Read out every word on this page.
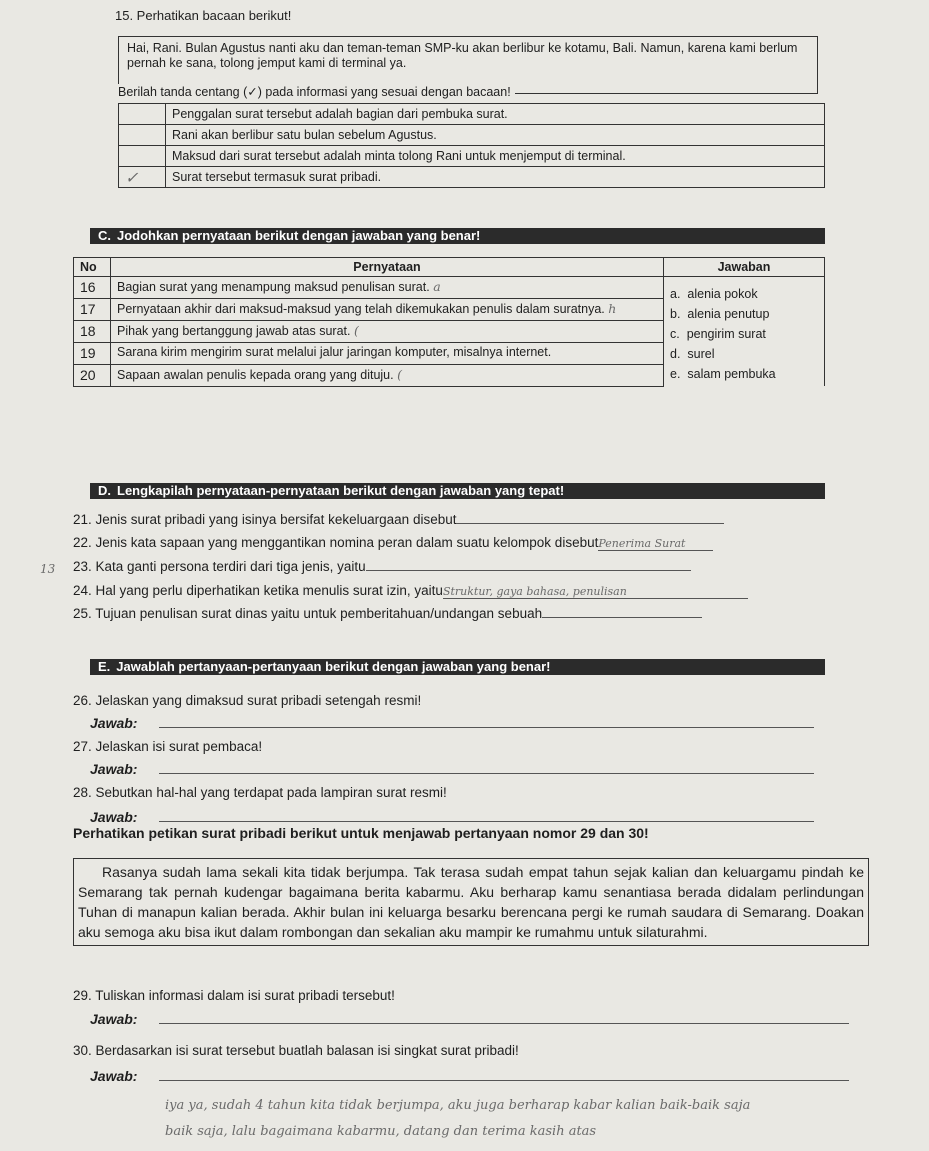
15. Perhatikan bacaan berikut!
Hai, Rani. Bulan Agustus nanti aku dan teman-teman SMP-ku akan berlibur ke kotamu, Bali. Namun, karena kami berlum pernah ke sana, tolong jemput kami di terminal ya.
Berilah tanda centang (✓) pada informasi yang sesuai dengan bacaan!
	Penggalan surat tersebut adalah bagian dari pembuka surat.
	Rani akan berlibur satu bulan sebelum Agustus.
	Maksud dari surat tersebut adalah minta tolong Rani untuk menjemput di terminal.
✓	Surat tersebut termasuk surat pribadi.
C. Jodohkan pernyataan berikut dengan jawaban yang benar!
No	Pernyataan	Jawaban
16	Bagian surat yang menampung maksud penulisan surat. a	a. alenia pokok
b. alenia penutup
c. pengirim surat
d. surel
e. salam pembuka

17	Pernyataan akhir dari maksud-maksud yang telah dikemukakan penulis dalam suratnya. h	
18	Pihak yang bertanggung jawab atas surat. (	
19	Sarana kirim mengirim surat melalui jalur jaringan komputer, misalnya internet.	
20	Sapaan awalan penulis kepada orang yang dituju. (	
D. Lengkapilah pernyataan-pernyataan berikut dengan jawaban yang tepat!
13
21. Jenis surat pribadi yang isinya bersifat kekeluargaan disebut
22. Jenis kata sapaan yang menggantikan nomina peran dalam suatu kelompok disebutPenerima Surat
23. Kata ganti persona terdiri dari tiga jenis, yaitu
24. Hal yang perlu diperhatikan ketika menulis surat izin, yaituStruktur, gaya bahasa, penulisan
25. Tujuan penulisan surat dinas yaitu untuk pemberitahuan/undangan sebuah
E. Jawablah pertanyaan-pertanyaan berikut dengan jawaban yang benar!
26. Jelaskan yang dimaksud surat pribadi setengah resmi!
Jawab:
27. Jelaskan isi surat pembaca!
Jawab:
28. Sebutkan hal-hal yang terdapat pada lampiran surat resmi!
Jawab:
Perhatikan petikan surat pribadi berikut untuk menjawab pertanyaan nomor 29 dan 30!
Rasanya sudah lama sekali kita tidak berjumpa. Tak terasa sudah empat tahun sejak kalian dan keluargamu pindah ke Semarang tak pernah kudengar bagaimana berita kabarmu. Aku berharap kamu senantiasa berada didalam perlindungan Tuhan di manapun kalian berada. Akhir bulan ini keluarga besarku berencana pergi ke rumah saudara di Semarang. Doakan aku semoga aku bisa ikut dalam rombongan dan sekalian aku mampir ke rumahmu untuk silaturahmi.
29. Tuliskan informasi dalam isi surat pribadi tersebut!
Jawab:
30. Berdasarkan isi surat tersebut buatlah balasan isi singkat surat pribadi!
Jawab:
iya ya, sudah 4 tahun kita tidak berjumpa, aku juga berharap kabar kalian baik-baik saja
baik saja, lalu bagaimana kabarmu, datang dan terima kasih atas
